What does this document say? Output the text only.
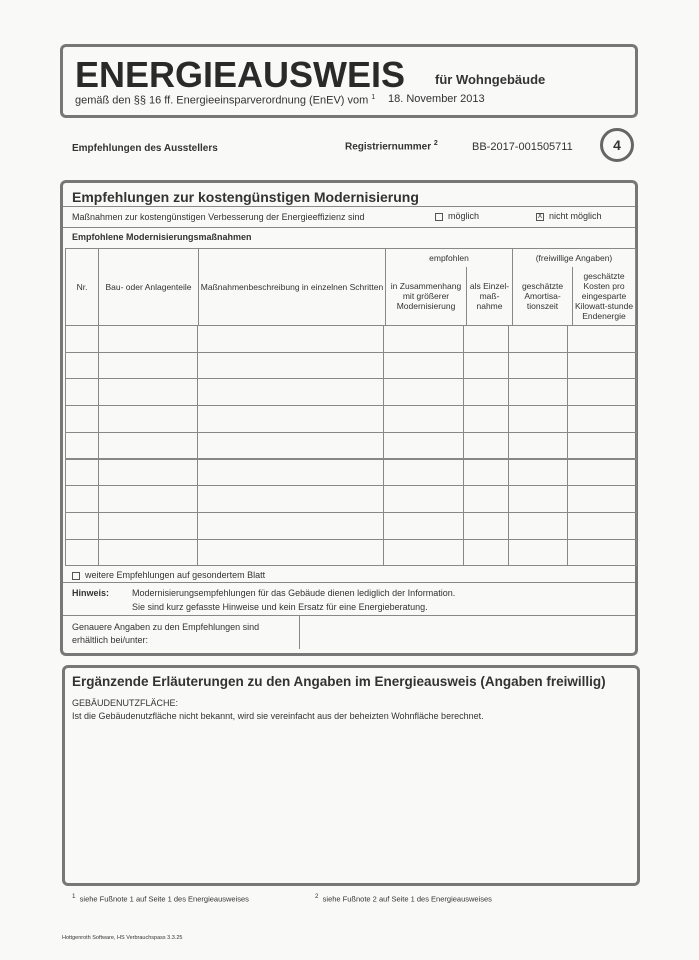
ENERGIEAUSWEIS für Wohngebäude
gemäß den §§ 16 ff. Energieeinsparverordnung (EnEV) vom $^1$ 18. November 2013
Empfehlungen des Ausstellers	Registriernummer $^2$	BB-2017-001505711	4
Empfehlungen zur kostengünstigen Modernisierung
Maßnahmen zur kostengünstigen Verbesserung der Energieeffizienz sind	möglich	X nicht möglich
Empfohlene Modernisierungsmaßnahmen
Nr.	Bau- oder Anlagenteile	Maßnahmenbeschreibung in einzelnen Schritten	empfohlen		(freiwillige Angaben)	
			in Zusammenhang mit größerer Modernisierung	als Einzel-maß-nahme	geschätzte Amortisa-tionszeit	geschätzte Kosten pro eingesparte Kilowatt-stunde Endenergie
weitere Empfehlungen auf gesondertem Blatt
Hinweis:	Modernisierungsempfehlungen für das Gebäude dienen lediglich der Information.
Sie sind kurz gefasste Hinweise und kein Ersatz für eine Energieberatung.
Genauere Angaben zu den Empfehlungen sind erhältlich bei/unter:
Ergänzende Erläuterungen zu den Angaben im Energieausweis (Angaben freiwillig)
GEBÄUDENUTZFLÄCHE:
Ist die Gebäudenutzfläche nicht bekannt, wird sie vereinfacht aus der beheizten Wohnfläche berechnet.
$^1$ siehe Fußnote 1 auf Seite 1 des Energieausweises	$^2$ siehe Fußnote 2 auf Seite 1 des Energieausweises
Hottgenroth Software, HS Verbrauchspass 3.3.25
